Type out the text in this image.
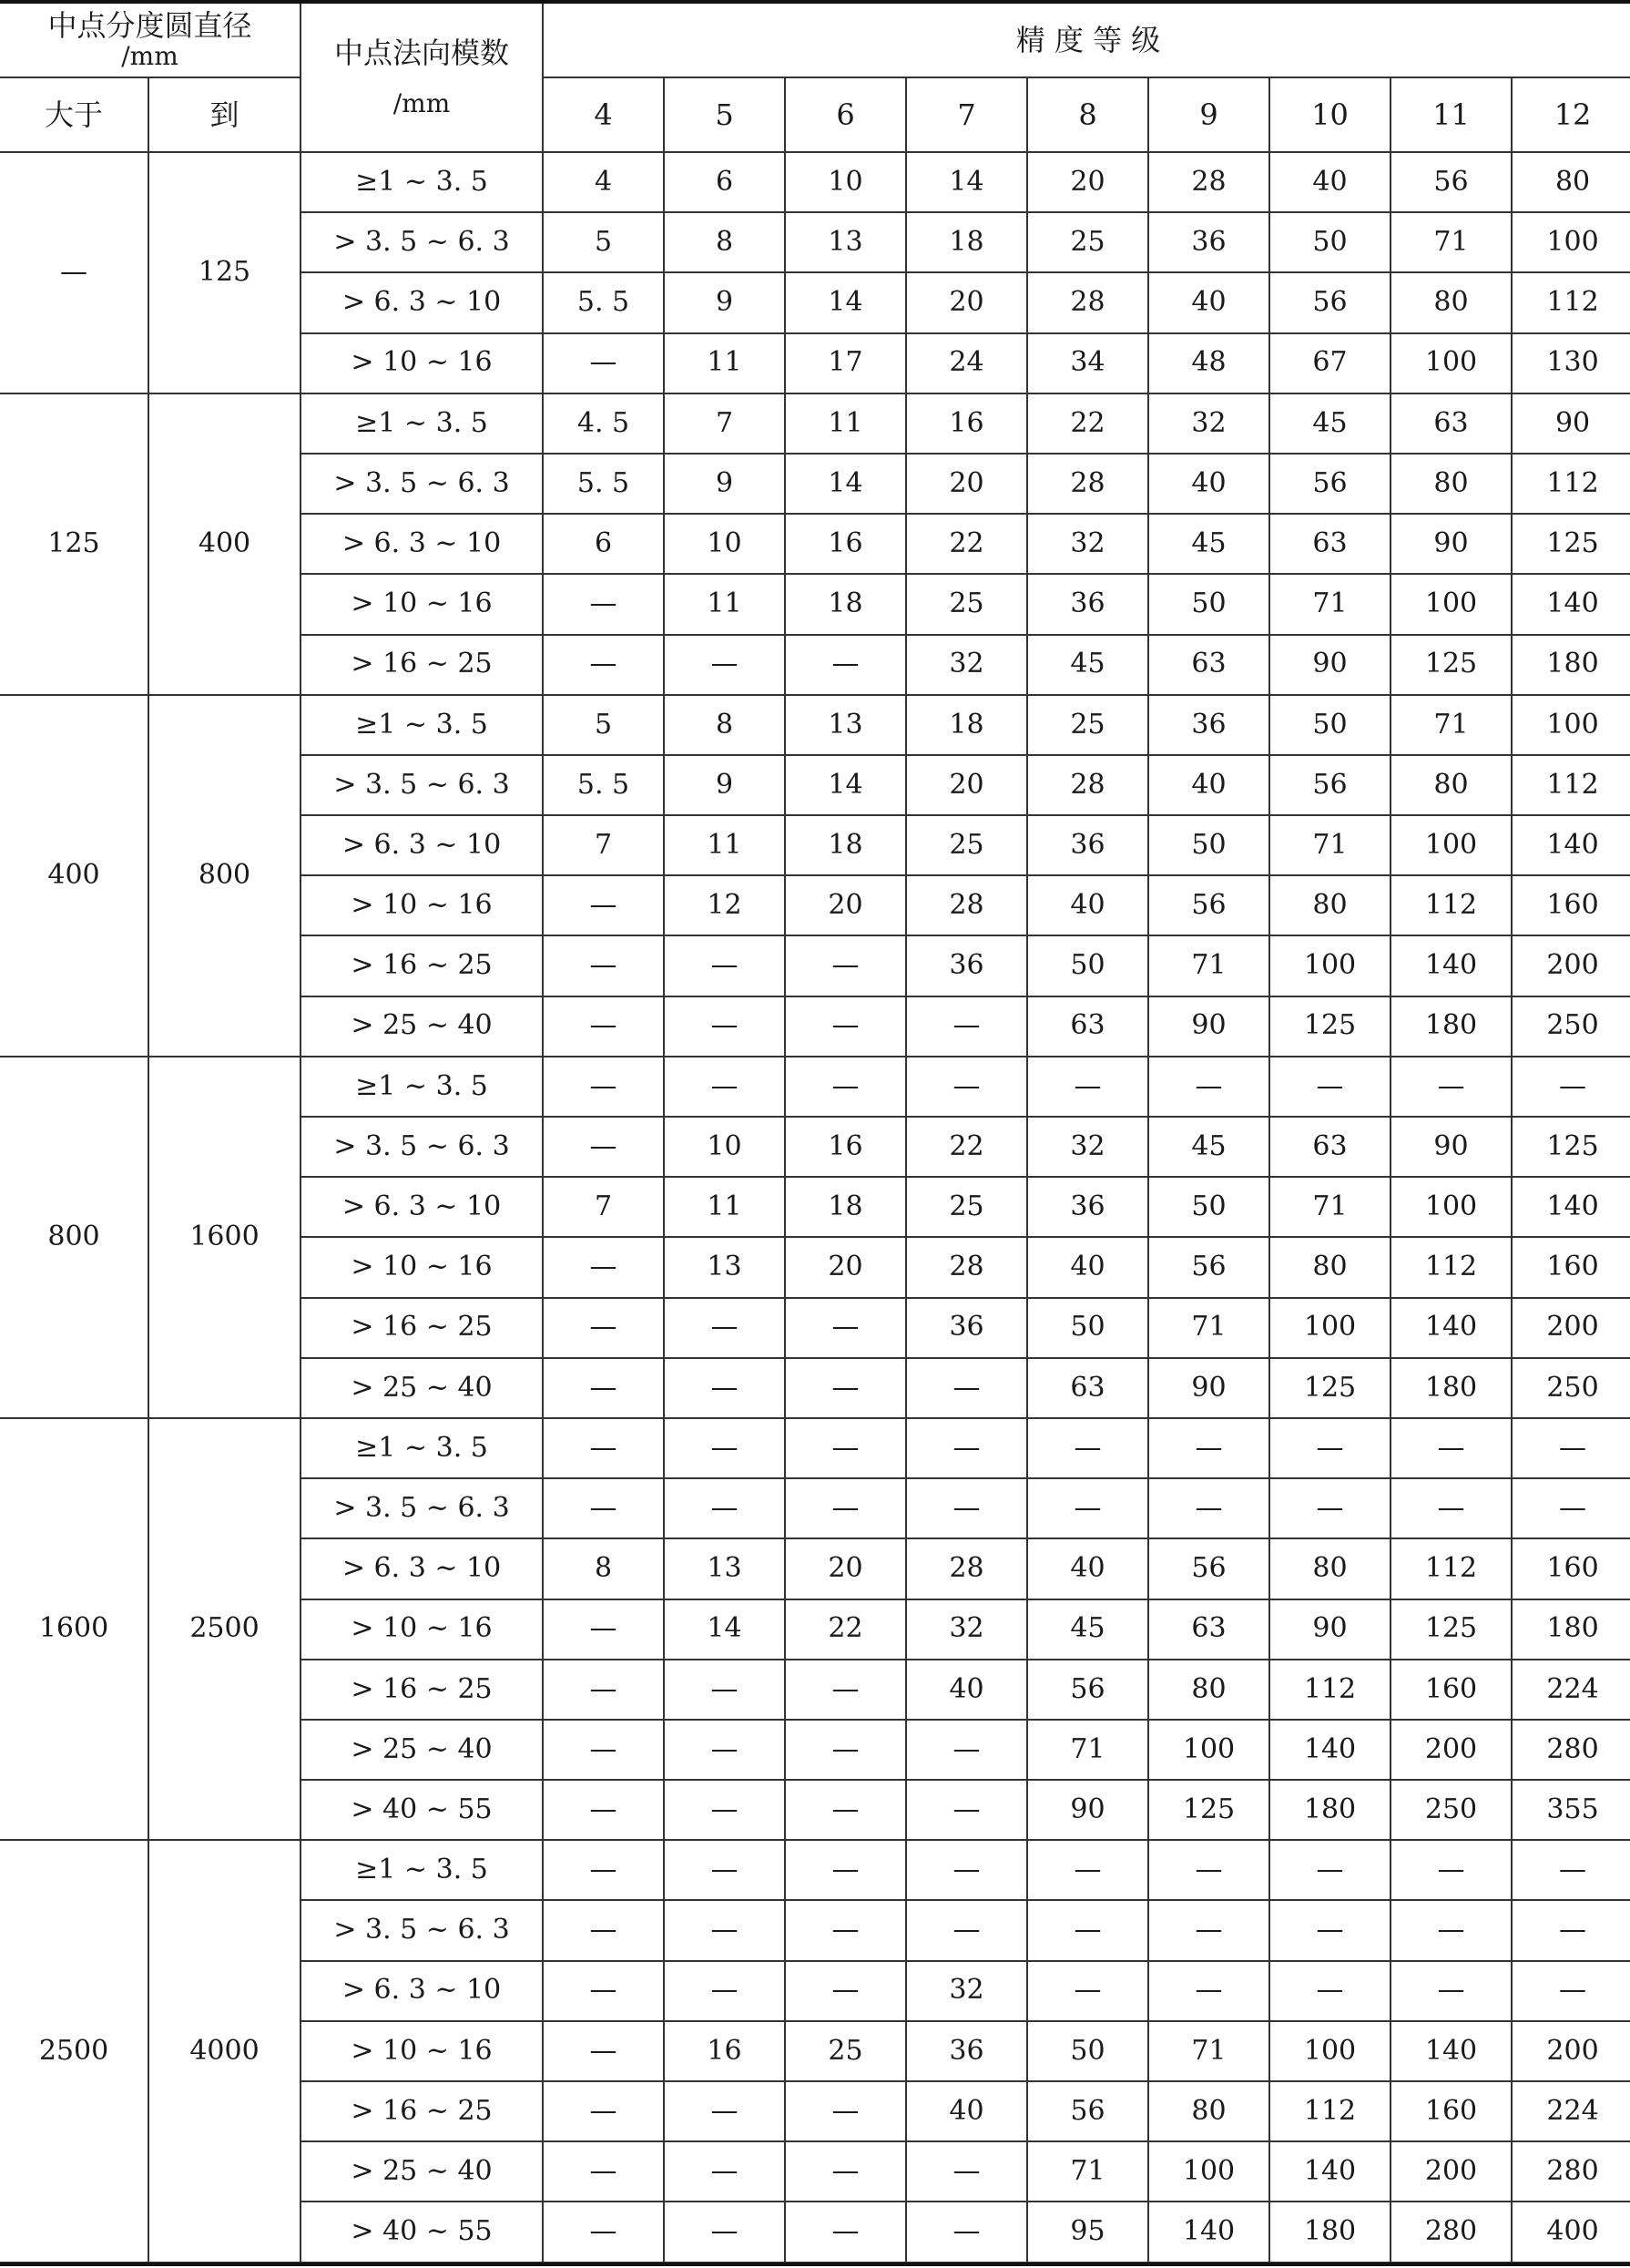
中点分度圆直径
/mm		中点法向模数
/mm	精 度 等 级								
大于	到		4	5	6	7	8	9	10	11	12
—	125	≥1 ~ 3. 5	4	6	10	14	20	28	40	56	80
		> 3. 5 ~ 6. 3	5	8	13	18	25	36	50	71	100
		> 6. 3 ~ 10	5. 5	9	14	20	28	40	56	80	112
		> 10 ~ 16	—	11	17	24	34	48	67	100	130
125	400	≥1 ~ 3. 5	4. 5	7	11	16	22	32	45	63	90
		> 3. 5 ~ 6. 3	5. 5	9	14	20	28	40	56	80	112
		> 6. 3 ~ 10	6	10	16	22	32	45	63	90	125
		> 10 ~ 16	—	11	18	25	36	50	71	100	140
		> 16 ~ 25	—	—	—	32	45	63	90	125	180
400	800	≥1 ~ 3. 5	5	8	13	18	25	36	50	71	100
		> 3. 5 ~ 6. 3	5. 5	9	14	20	28	40	56	80	112
		> 6. 3 ~ 10	7	11	18	25	36	50	71	100	140
		> 10 ~ 16	—	12	20	28	40	56	80	112	160
		> 16 ~ 25	—	—	—	36	50	71	100	140	200
		> 25 ~ 40	—	—	—	—	63	90	125	180	250
800	1600	≥1 ~ 3. 5	—	—	—	—	—	—	—	—	—
		> 3. 5 ~ 6. 3	—	10	16	22	32	45	63	90	125
		> 6. 3 ~ 10	7	11	18	25	36	50	71	100	140
		> 10 ~ 16	—	13	20	28	40	56	80	112	160
		> 16 ~ 25	—	—	—	36	50	71	100	140	200
		> 25 ~ 40	—	—	—	—	63	90	125	180	250
1600	2500	≥1 ~ 3. 5	—	—	—	—	—	—	—	—	—
		> 3. 5 ~ 6. 3	—	—	—	—	—	—	—	—	—
		> 6. 3 ~ 10	8	13	20	28	40	56	80	112	160
		> 10 ~ 16	—	14	22	32	45	63	90	125	180
		> 16 ~ 25	—	—	—	40	56	80	112	160	224
		> 25 ~ 40	—	—	—	—	71	100	140	200	280
		> 40 ~ 55	—	—	—	—	90	125	180	250	355
2500	4000	≥1 ~ 3. 5	—	—	—	—	—	—	—	—	—
		> 3. 5 ~ 6. 3	—	—	—	—	—	—	—	—	—
		> 6. 3 ~ 10	—	—	—	32	—	—	—	—	—
		> 10 ~ 16	—	16	25	36	50	71	100	140	200
		> 16 ~ 25	—	—	—	40	56	80	112	160	224
		> 25 ~ 40	—	—	—	—	71	100	140	200	280
		> 40 ~ 55	—	—	—	—	95	140	180	280	400
